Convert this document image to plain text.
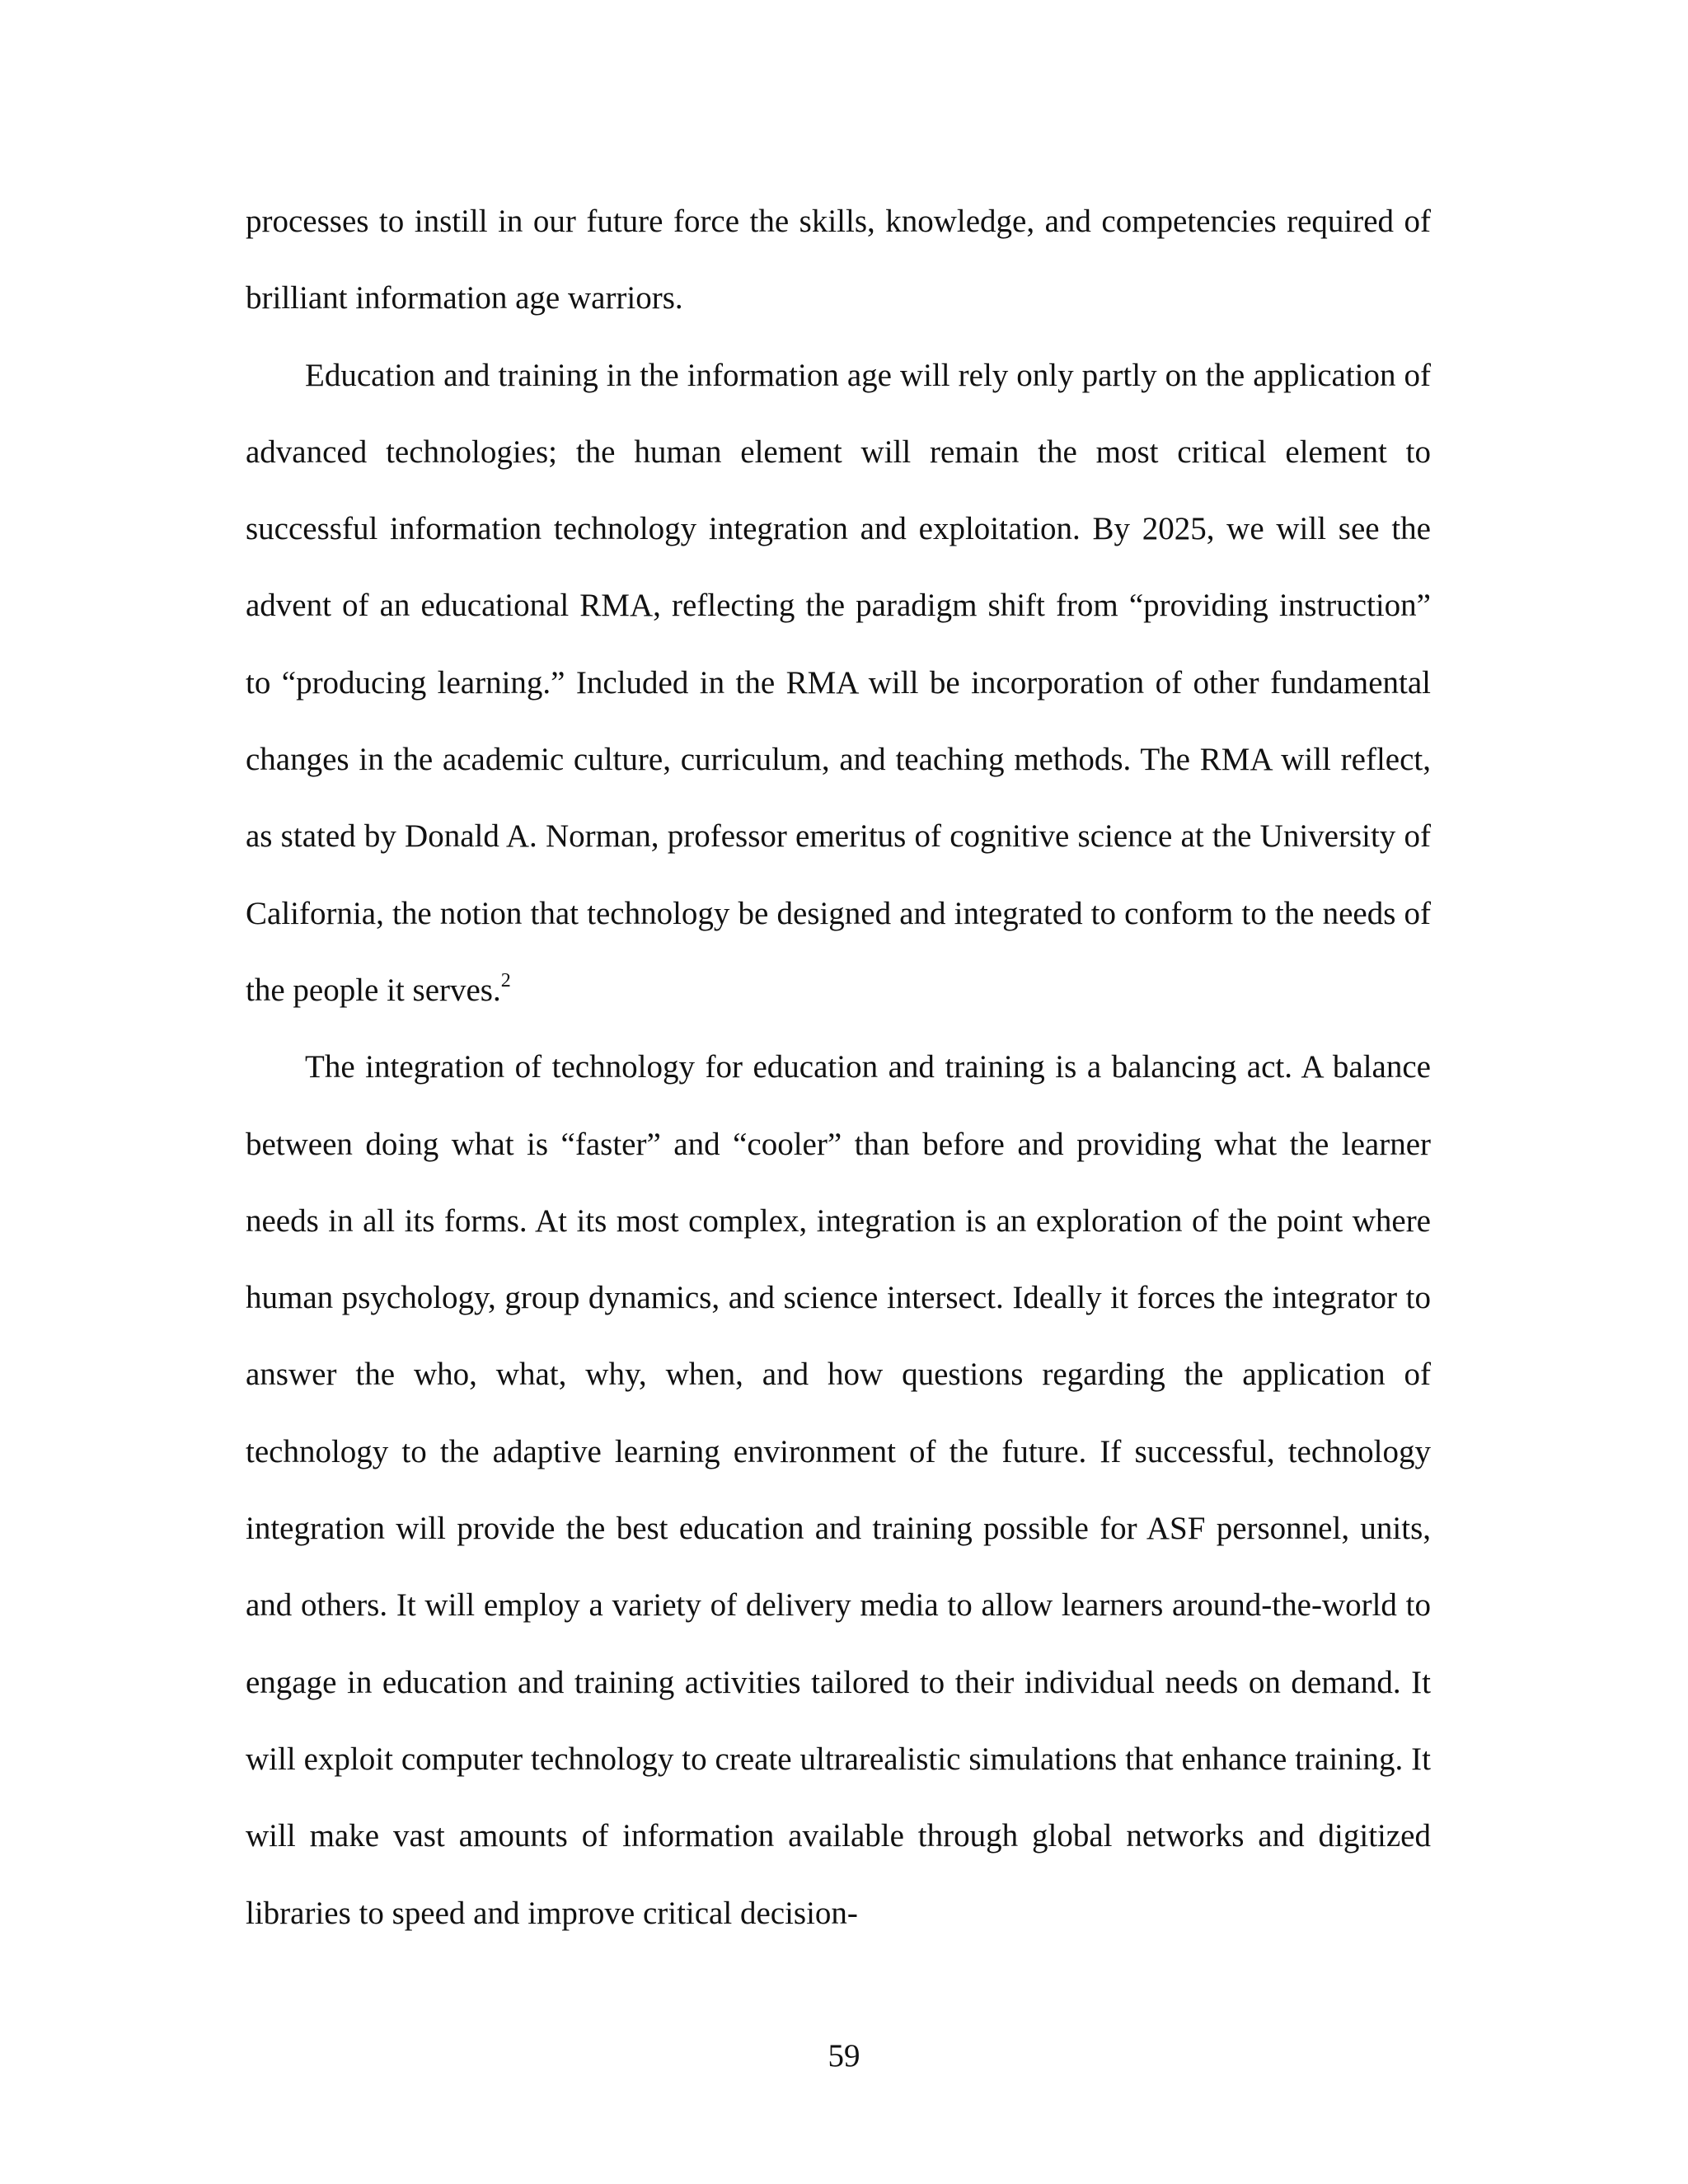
processes to instill in our future force the skills, knowledge, and competencies required of brilliant information age warriors.

Education and training in the information age will rely only partly on the application of advanced technologies; the human element will remain the most critical element to successful information technology integration and exploitation. By 2025, we will see the advent of an educational RMA, reflecting the paradigm shift from “providing instruction” to “producing learning.” Included in the RMA will be incorporation of other fundamental changes in the academic culture, curriculum, and teaching methods. The RMA will reflect, as stated by Donald A. Norman, professor emeritus of cognitive science at the University of California, the notion that technology be designed and integrated to conform to the needs of the people it serves.$^2$

The integration of technology for education and training is a balancing act. A balance between doing what is “faster” and “cooler” than before and providing what the learner needs in all its forms. At its most complex, integration is an exploration of the point where human psychology, group dynamics, and science intersect. Ideally it forces the integrator to answer the who, what, why, when, and how questions regarding the application of technology to the adaptive learning environment of the future. If successful, technology integration will provide the best education and training possible for ASF personnel, units, and others. It will employ a variety of delivery media to allow learners around-the-world to engage in education and training activities tailored to their individual needs on demand. It will exploit computer technology to create ultrarealistic simulations that enhance training. It will make vast amounts of information available through global networks and digitized libraries to speed and improve critical decision-

59
